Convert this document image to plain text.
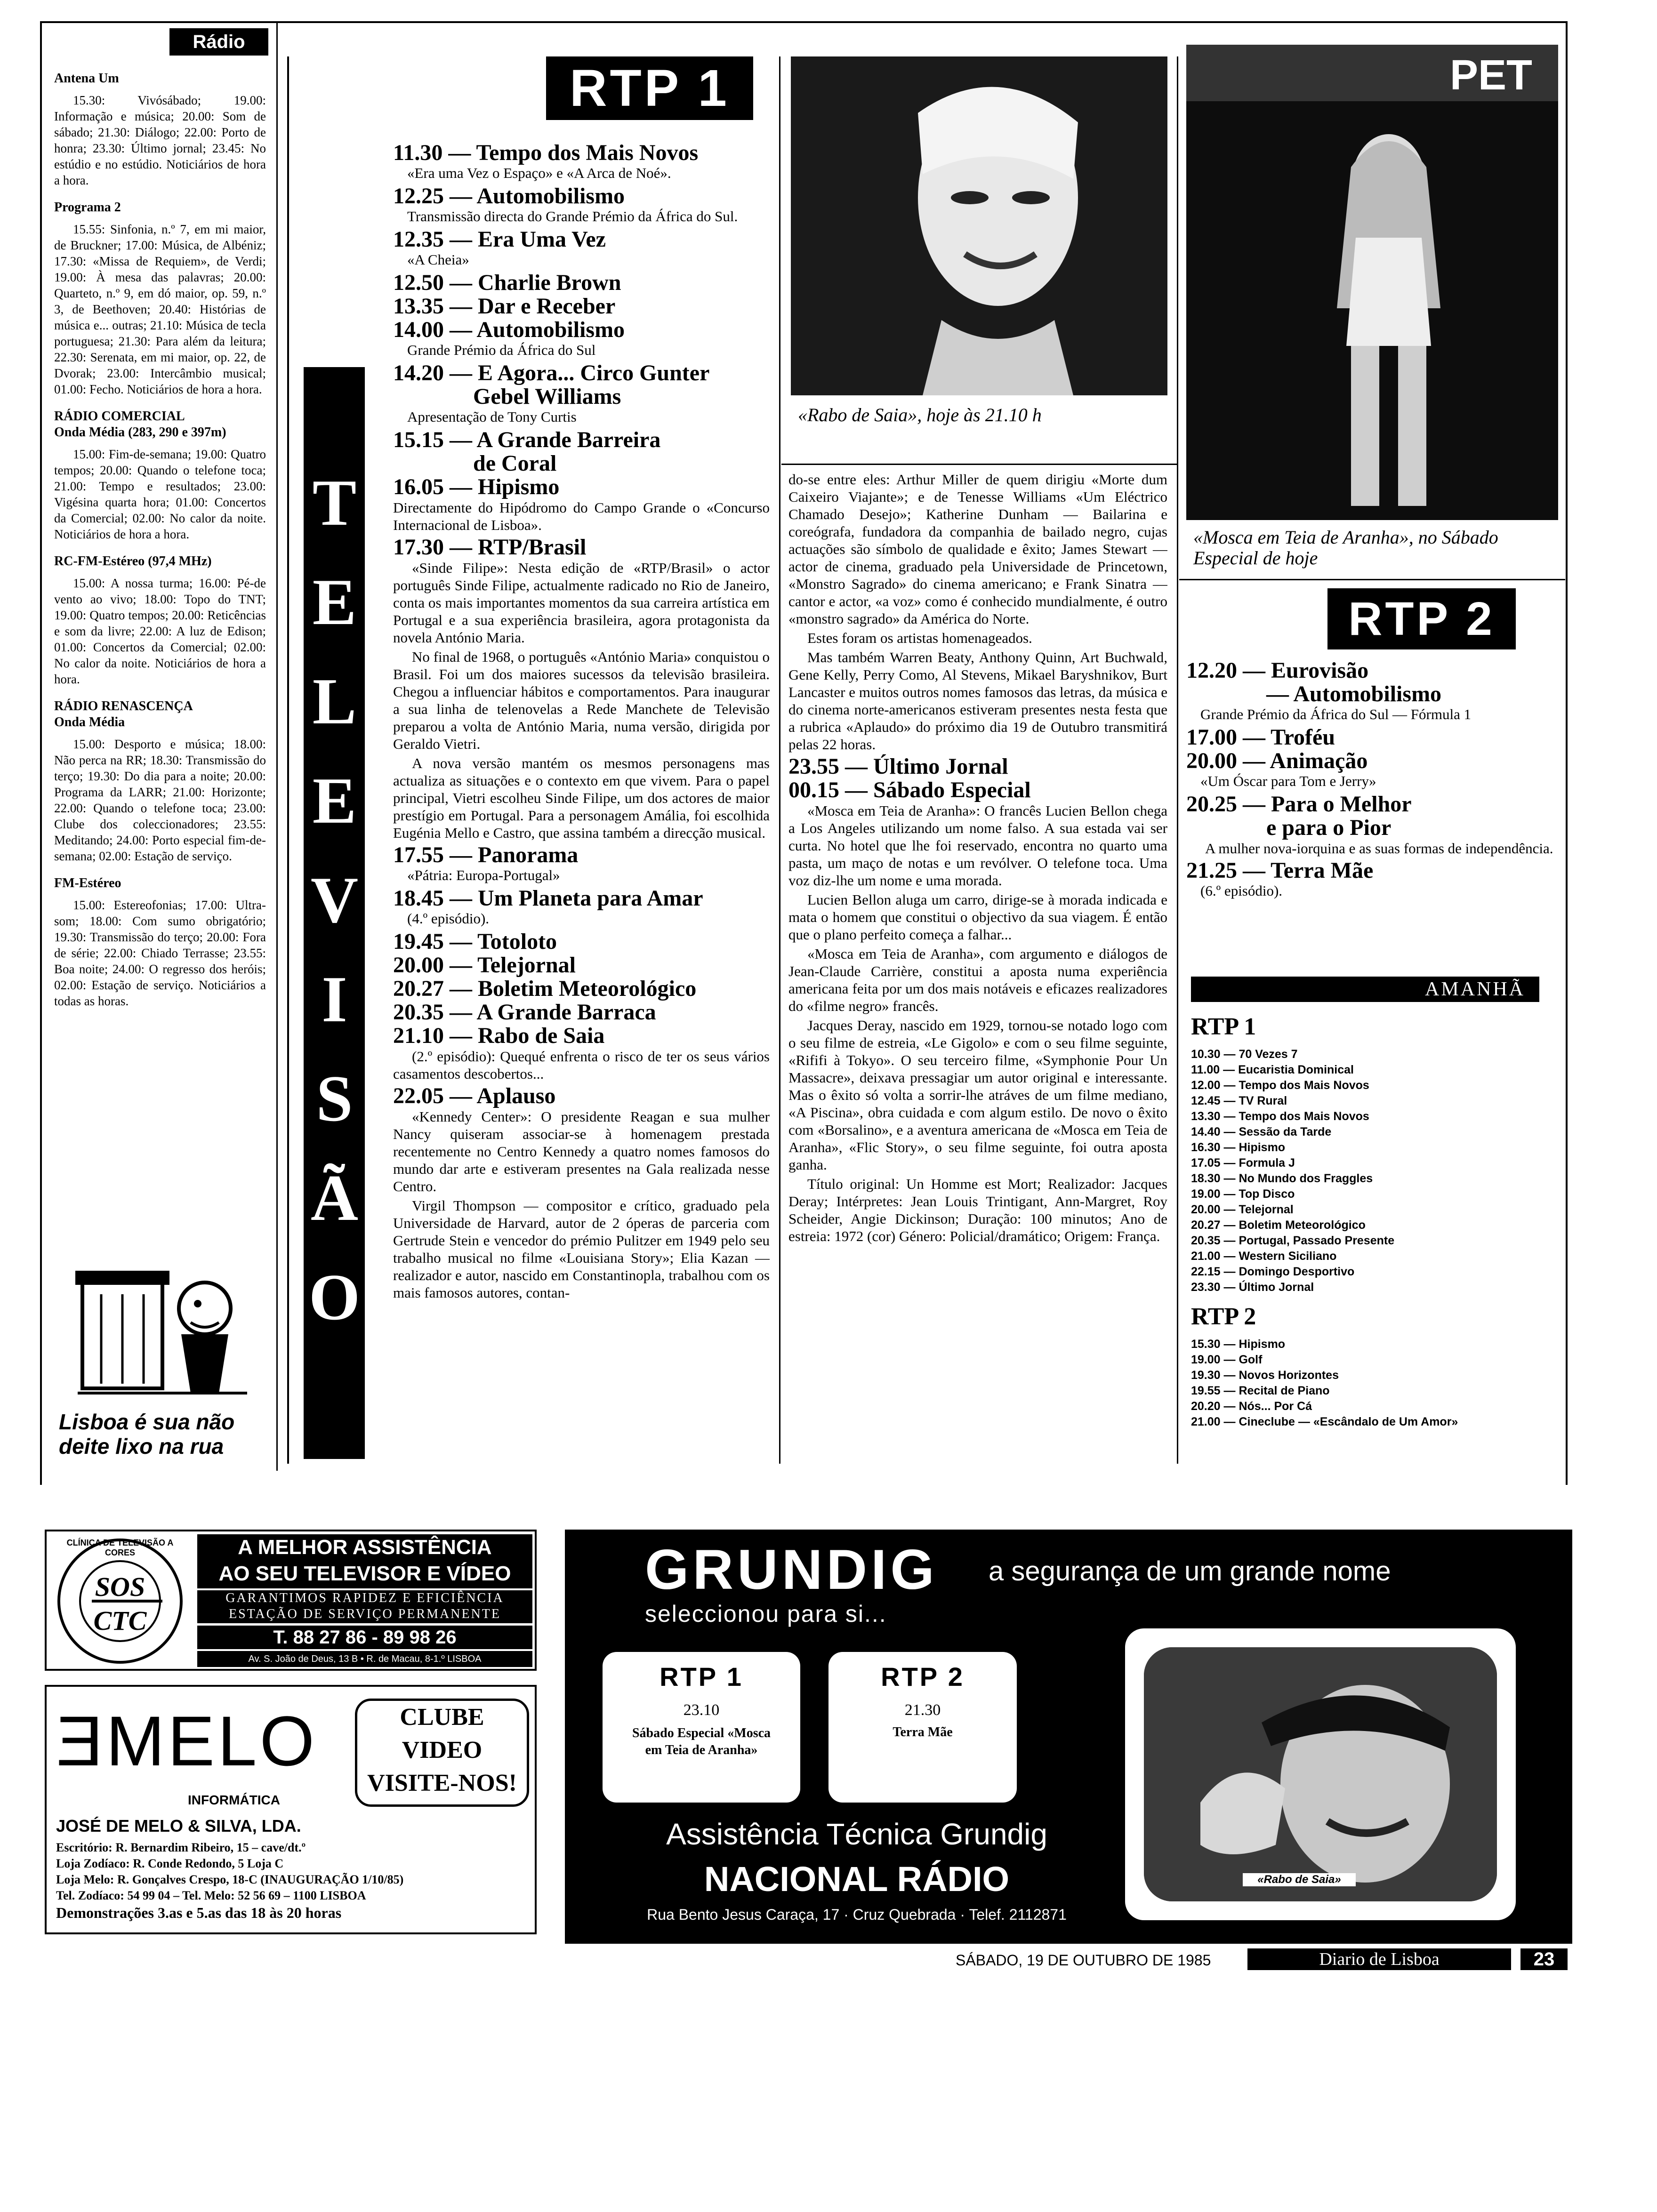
Rádio
Antena Um
15.30: Vivósábado; 19.00: Informação e música; 20.00: Som de sábado; 21.30: Diálogo; 22.00: Porto de honra; 23.30: Último jornal; 23.45: No estúdio e no estúdio. Noticiários de hora a hora.
Programa 2
15.55: Sinfonia, n.º 7, em mi maior, de Bruckner; 17.00: Música, de Albéniz; 17.30: «Missa de Requiem», de Verdi; 19.00: À mesa das palavras; 20.00: Quarteto, n.º 9, em dó maior, op. 59, n.º 3, de Beethoven; 20.40: Histórias de música e... outras; 21.10: Música de tecla portuguesa; 21.30: Para além da leitura; 22.30: Serenata, em mi maior, op. 22, de Dvorak; 23.00: Intercâmbio musical; 01.00: Fecho. Noticiários de hora a hora.
RÁDIO COMERCIAL
Onda Média (283, 290 e 397m)
15.00: Fim-de-semana; 19.00: Quatro tempos; 20.00: Quando o telefone toca; 21.00: Tempo e resultados; 23.00: Vigésina quarta hora; 01.00: Concertos da Comercial; 02.00: No calor da noite. Noticiários de hora a hora.
RC-FM-Estéreo (97,4 MHz)
15.00: A nossa turma; 16.00: Pé-de vento ao vivo; 18.00: Topo do TNT; 19.00: Quatro tempos; 20.00: Reticências e som da livre; 22.00: A luz de Edison; 01.00: Concertos da Comercial; 02.00: No calor da noite. Noticiários de hora a hora.
RÁDIO RENASCENÇA
Onda Média
15.00: Desporto e música; 18.00: Não perca na RR; 18.30: Transmissão do terço; 19.30: Do dia para a noite; 20.00: Programa da LARR; 21.00: Horizonte; 22.00: Quando o telefone toca; 23.00: Clube dos coleccionadores; 23.55: Meditando; 24.00: Porto especial fim-de-semana; 02.00: Estação de serviço.
FM-Estéreo
15.00: Estereofonias; 17.00: Ultra-som; 18.00: Com sumo obrigatório; 19.30: Transmissão do terço; 20.00: Fora de série; 22.00: Chiado Terrasse; 23.55: Boa noite; 24.00: O regresso dos heróis; 02.00: Estação de serviço. Noticiários a todas as horas.
Lisboa é sua não deite lixo na rua
TELEVISÃO
RTP 1
11.30 — Tempo dos Mais Novos
«Era uma Vez o Espaço» e «A Arca de Noé».
12.25 — Automobilismo
Transmissão directa do Grande Prémio da África do Sul.
12.35 — Era Uma Vez
«A Cheia»
12.50 — Charlie Brown
13.35 — Dar e Receber
14.00 — Automobilismo
Grande Prémio da África do Sul
14.20 — E Agora... Circo Gunter
Gebel Williams
Apresentação de Tony Curtis
15.15 — A Grande Barreira
de Coral
16.05 — Hipismo
Directamente do Hipódromo do Campo Grande o «Concurso Internacional de Lisboa».
17.30 — RTP/Brasil
«Sinde Filipe»: Nesta edição de «RTP/Brasil» o actor português Sinde Filipe, actualmente radicado no Rio de Janeiro, conta os mais importantes momentos da sua carreira artística em Portugal e a sua experiência brasileira, agora protagonista da novela António Maria.
No final de 1968, o português «António Maria» conquistou o Brasil. Foi um dos maiores sucessos da televisão brasileira. Chegou a influenciar hábitos e comportamentos. Para inaugurar a sua linha de telenovelas a Rede Manchete de Televisão preparou a volta de António Maria, numa versão, dirigida por Geraldo Vietri.
A nova versão mantém os mesmos personagens mas actualiza as situações e o contexto em que vivem. Para o papel principal, Vietri escolheu Sinde Filipe, um dos actores de maior prestígio em Portugal. Para a personagem Amália, foi escolhida Eugénia Mello e Castro, que assina também a direcção musical.
17.55 — Panorama
«Pátria: Europa-Portugal»
18.45 — Um Planeta para Amar
(4.º episódio).
19.45 — Totoloto
20.00 — Telejornal
20.27 — Boletim Meteorológico
20.35 — A Grande Barraca
21.10 — Rabo de Saia
(2.º episódio): Quequé enfrenta o risco de ter os seus vários casamentos descobertos...
22.05 — Aplauso
«Kennedy Center»: O presidente Reagan e sua mulher Nancy quiseram associar-se à homenagem prestada recentemente no Centro Kennedy a quatro nomes famosos do mundo dar arte e estiveram presentes na Gala realizada nesse Centro.
Virgil Thompson — compositor e crítico, graduado pela Universidade de Harvard, autor de 2 óperas de parceria com Gertrude Stein e vencedor do prémio Pulitzer em 1949 pelo seu trabalho musical no filme «Louisiana Story»; Elia Kazan — realizador e autor, nascido em Constantinopla, trabalhou com os mais famosos autores, contan-
«Rabo de Saia», hoje às 21.10 h
do-se entre eles: Arthur Miller de quem dirigiu «Morte dum Caixeiro Viajante»; e de Tenesse Williams «Um Eléctrico Chamado Desejo»; Katherine Dunham — Bailarina e coreógrafa, fundadora da companhia de bailado negro, cujas actuações são símbolo de qualidade e êxito; James Stewart — actor de cinema, graduado pela Universidade de Princetown, «Monstro Sagrado» do cinema americano; e Frank Sinatra — cantor e actor, «a voz» como é conhecido mundialmente, é outro «monstro sagrado» da América do Norte.
Estes foram os artistas homenageados.
Mas também Warren Beaty, Anthony Quinn, Art Buchwald, Gene Kelly, Perry Como, Al Stevens, Mikael Baryshnikov, Burt Lancaster e muitos outros nomes famosos das letras, da música e do cinema norte-americanos estiveram presentes nesta festa que a rubrica «Aplaudo» do próximo dia 19 de Outubro transmitirá pelas 22 horas.
23.55 — Último Jornal
00.15 — Sábado Especial
«Mosca em Teia de Aranha»: O francês Lucien Bellon chega a Los Angeles utilizando um nome falso. A sua estada vai ser curta. No hotel que lhe foi reservado, encontra no quarto uma pasta, um maço de notas e um revólver. O telefone toca. Uma voz diz-lhe um nome e uma morada.
Lucien Bellon aluga um carro, dirige-se à morada indicada e mata o homem que constitui o objectivo da sua viagem. É então que o plano perfeito começa a falhar...
«Mosca em Teia de Aranha», com argumento e diálogos de Jean-Claude Carrière, constitui a aposta numa experiência americana feita por um dos mais notáveis e eficazes realizadores do «filme negro» francês.
Jacques Deray, nascido em 1929, tornou-se notado logo com o seu filme de estreia, «Le Gigolo» e com o seu filme seguinte, «Rififi à Tokyo». O seu terceiro filme, «Symphonie Pour Un Massacre», deixava pressagiar um autor original e interessante. Mas o êxito só volta a sorrir-lhe atráves de um filme mediano, «A Piscina», obra cuidada e com algum estilo. De novo o êxito com «Borsalino», e a aventura americana de «Mosca em Teia de Aranha», «Flic Story», o seu filme seguinte, foi outra aposta ganha.
Título original: Un Homme est Mort; Realizador: Jacques Deray; Intérpretes: Jean Louis Trintigant, Ann-Margret, Roy Scheider, Angie Dickinson; Duração: 100 minutos; Ano de estreia: 1972 (cor) Género: Policial/dramático; Origem: França.
PET
«Mosca em Teia de Aranha», no Sábado Especial de hoje
RTP 2
12.20 — Eurovisão
— Automobilismo
Grande Prémio da África do Sul — Fórmula 1
17.00 — Troféu
20.00 — Animação
«Um Óscar para Tom e Jerry»
20.25 — Para o Melhor
e para o Pior
A mulher nova-iorquina e as suas formas de independência.
21.25 — Terra Mãe
(6.º episódio).
AMANHÃ
RTP 1
10.30 — 70 Vezes 7
11.00 — Eucaristia Dominical
12.00 — Tempo dos Mais Novos
12.45 — TV Rural
13.30 — Tempo dos Mais Novos
14.40 — Sessão da Tarde
16.30 — Hipismo
17.05 — Formula J
18.30 — No Mundo dos Fraggles
19.00 — Top Disco
20.00 — Telejornal
20.27 — Boletim Meteorológico
20.35 — Portugal, Passado Presente
21.00 — Western Siciliano
22.15 — Domingo Desportivo
23.30 — Último Jornal
RTP 2
15.30 — Hipismo
19.00 — Golf
19.30 — Novos Horizontes
19.55 — Recital de Piano
20.20 — Nós... Por Cá
21.00 — Cineclube — «Escândalo de Um Amor»
CLÍNICA DE TELEVISÃO A CORES
SOS
CTC
A MELHOR ASSISTÊNCIA
AO SEU TELEVISOR E VÍDEO
GARANTIMOS RAPIDEZ E EFICIÊNCIA
ESTAÇÃO DE SERVIÇO PERMANENTE
T. 88 27 86 - 89 98 26
Av. S. João de Deus, 13 B • R. de Macau, 8-1.º LISBOA
ƎMELO
INFORMÁTICA
CLUBE
VIDEO
VISITE-NOS!
JOSÉ DE MELO & SILVA, LDA.
Escritório: R. Bernardim Ribeiro, 15 – cave/dt.º
Loja Zodíaco: R. Conde Redondo, 5 Loja C
Loja Melo: R. Gonçalves Crespo, 18-C (INAUGURAÇÃO 1/10/85)
Tel. Zodíaco: 54 99 04 – Tel. Melo: 52 56 69 – 1100 LISBOA
Demonstrações 3.as e 5.as das 18 às 20 horas
GRUNDIG a segurança de um grande nome
seleccionou para si...
RTP 1
23.10
Sábado Especial «Mosca em Teia de Aranha»
RTP 2
21.30
Terra Mãe
«Rabo de Saia»
Assistência Técnica Grundig
NACIONAL RÁDIO
Rua Bento Jesus Caraça, 17 · Cruz Quebrada · Telef. 2112871
SÁBADO, 19 DE OUTUBRO DE 1985	Diario de Lisboa	23
